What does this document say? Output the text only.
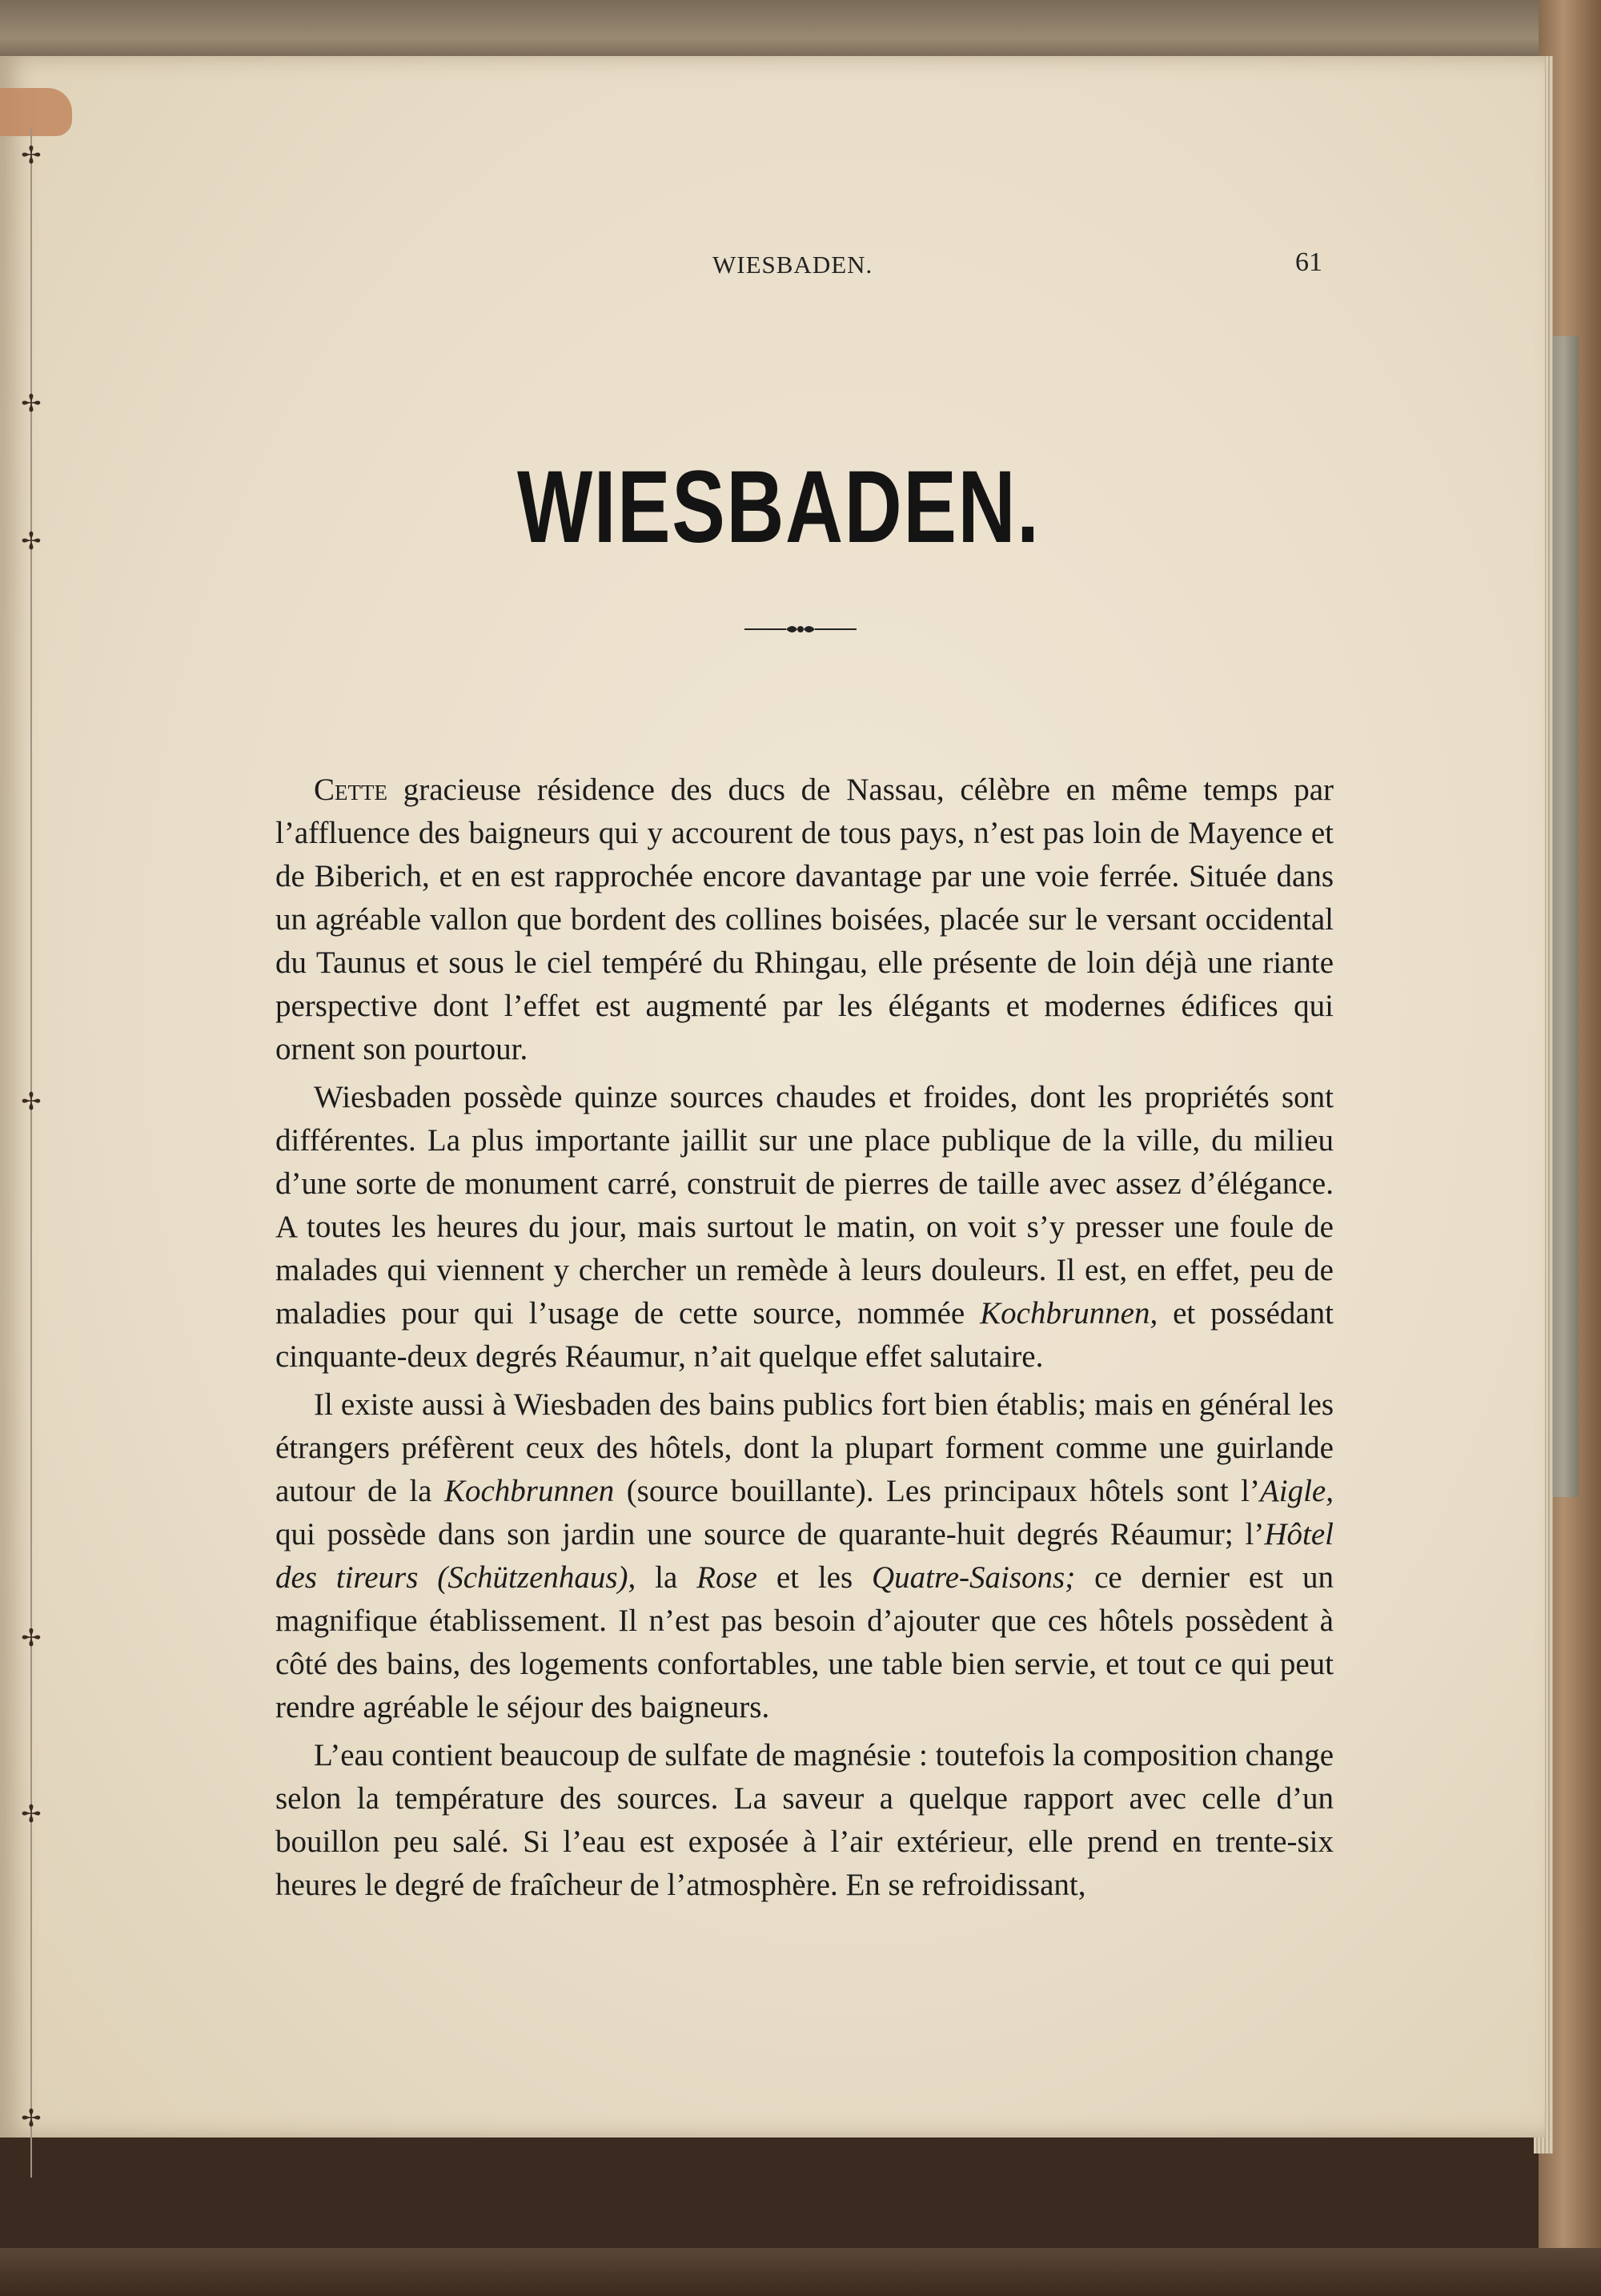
✢
✢
✢
✢
✢
✢
✢
WIESBADEN.	61
WIESBADEN.

Cette gracieuse résidence des ducs de Nassau, célèbre en même temps par l’affluence des baigneurs qui y accourent de tous pays, n’est pas loin de Mayence et de Biberich, et en est rapprochée encore davantage par une voie ferrée. Située dans un agréable vallon que bordent des collines boisées, placée sur le versant occidental du Taunus et sous le ciel tempéré du Rhingau, elle présente de loin déjà une riante perspective dont l’effet est augmenté par les élégants et modernes édifices qui ornent son pourtour.

Wiesbaden possède quinze sources chaudes et froides, dont les propriétés sont différentes. La plus importante jaillit sur une place publique de la ville, du milieu d’une sorte de monument carré, construit de pierres de taille avec assez d’élégance. A toutes les heures du jour, mais surtout le matin, on voit s’y presser une foule de malades qui viennent y chercher un remède à leurs douleurs. Il est, en effet, peu de maladies pour qui l’usage de cette source, nommée Kochbrunnen, et possédant cinquante-deux degrés Réaumur, n’ait quelque effet salutaire.

Il existe aussi à Wiesbaden des bains publics fort bien établis; mais en général les étrangers préfèrent ceux des hôtels, dont la plupart forment comme une guirlande autour de la Kochbrunnen (source bouillante). Les principaux hôtels sont l’Aigle, qui possède dans son jardin une source de quarante-huit degrés Réaumur; l’Hôtel des tireurs (Schützenhaus), la Rose et les Quatre-Saisons; ce dernier est un magnifique établissement. Il n’est pas besoin d’ajouter que ces hôtels possèdent à côté des bains, des logements confortables, une table bien servie, et tout ce qui peut rendre agréable le séjour des baigneurs.

L’eau contient beaucoup de sulfate de magnésie : toutefois la composition change selon la température des sources. La saveur a quelque rapport avec celle d’un bouillon peu salé. Si l’eau est exposée à l’air extérieur, elle prend en trente-six heures le degré de fraîcheur de l’atmosphère. En se refroidissant,
